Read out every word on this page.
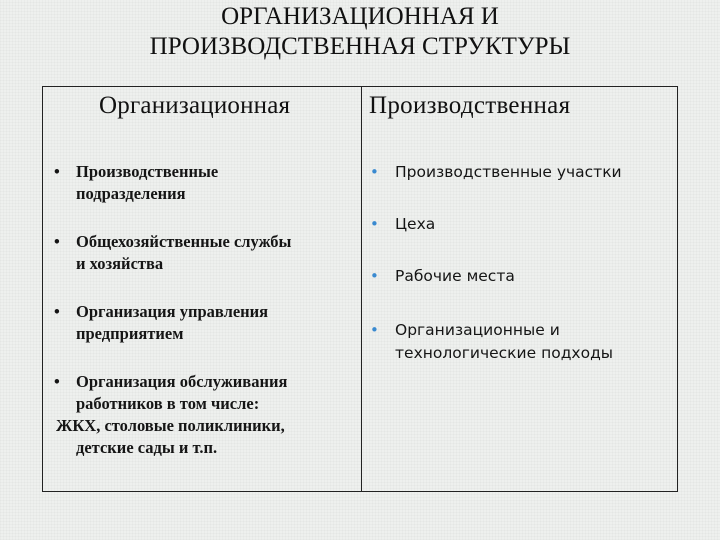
ОРГАНИЗАЦИОННАЯ И
ПРОИЗВОДСТВЕННАЯ СТРУКТУРЫ
Организационная	Производственная
• Производственные
подразделения
• Общехозяйственные службы
и хозяйства
• Организация управления
предприятием
• Организация обслуживания
работников в том числе:
ЖКХ, столовые поликлиники,
детские сады и т.п.
• Производственные участки
• Цеха
• Рабочие места
• Организационные и
технологические подходы
